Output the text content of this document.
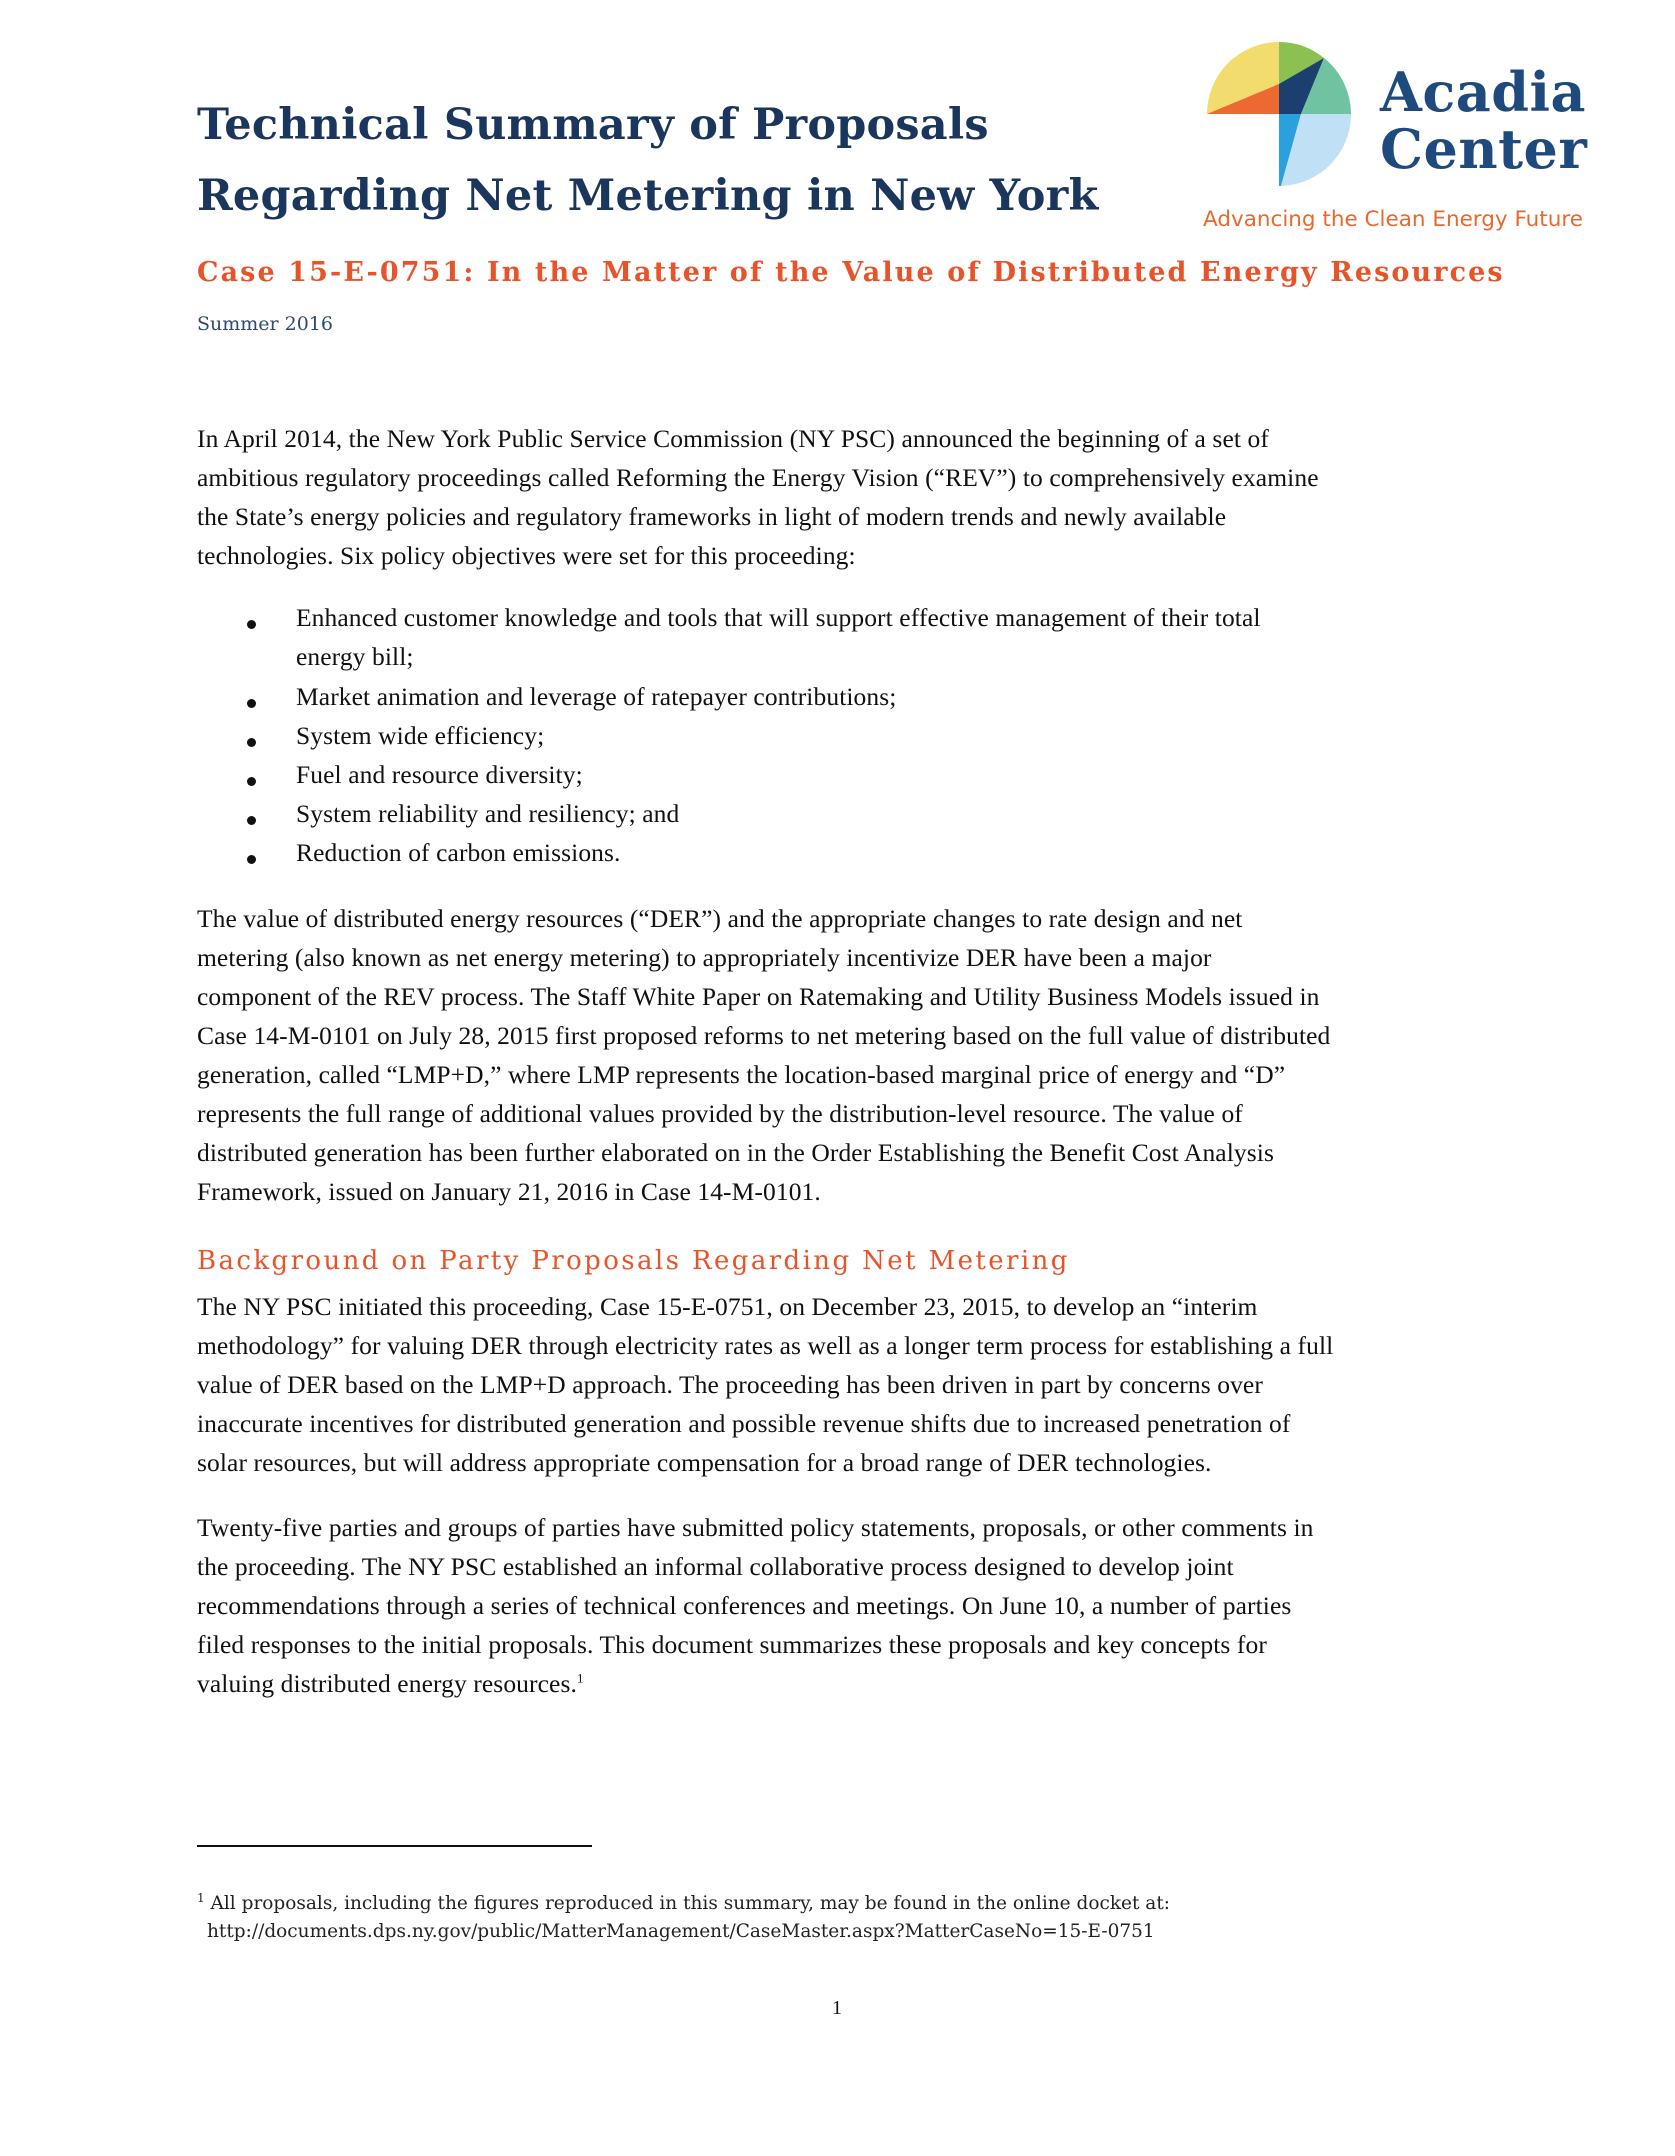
Technical Summary of Proposals
Regarding Net Metering in New York
Acadia
Center
Advancing the Clean Energy Future
Case 15-E-0751: In the Matter of the Value of Distributed Energy Resources
Summer 2016
In April 2014, the New York Public Service Commission (NY PSC) announced the beginning of a set of
ambitious regulatory proceedings called Reforming the Energy Vision (“REV”) to comprehensively examine
the State’s energy policies and regulatory frameworks in light of modern trends and newly available
technologies. Six policy objectives were set for this proceeding:
Enhanced customer knowledge and tools that will support effective management of their total
energy bill;
Market animation and leverage of ratepayer contributions;
System wide efficiency;
Fuel and resource diversity;
System reliability and resiliency; and
Reduction of carbon emissions.
The value of distributed energy resources (“DER”) and the appropriate changes to rate design and net
metering (also known as net energy metering) to appropriately incentivize DER have been a major
component of the REV process. The Staff White Paper on Ratemaking and Utility Business Models issued in
Case 14-M-0101 on July 28, 2015 first proposed reforms to net metering based on the full value of distributed
generation, called “LMP+D,” where LMP represents the location-based marginal price of energy and “D”
represents the full range of additional values provided by the distribution-level resource. The value of
distributed generation has been further elaborated on in the Order Establishing the Benefit Cost Analysis
Framework, issued on January 21, 2016 in Case 14-M-0101.
Background on Party Proposals Regarding Net Metering
The NY PSC initiated this proceeding, Case 15-E-0751, on December 23, 2015, to develop an “interim
methodology” for valuing DER through electricity rates as well as a longer term process for establishing a full
value of DER based on the LMP+D approach. The proceeding has been driven in part by concerns over
inaccurate incentives for distributed generation and possible revenue shifts due to increased penetration of
solar resources, but will address appropriate compensation for a broad range of DER technologies.
Twenty-five parties and groups of parties have submitted policy statements, proposals, or other comments in
the proceeding. The NY PSC established an informal collaborative process designed to develop joint
recommendations through a series of technical conferences and meetings. On June 10, a number of parties
filed responses to the initial proposals. This document summarizes these proposals and key concepts for
valuing distributed energy resources.$^1$
$^1$ All proposals, including the figures reproduced in this summary, may be found in the online docket at:
http://documents.dps.ny.gov/public/MatterManagement/CaseMaster.aspx?MatterCaseNo=15-E-0751
1
